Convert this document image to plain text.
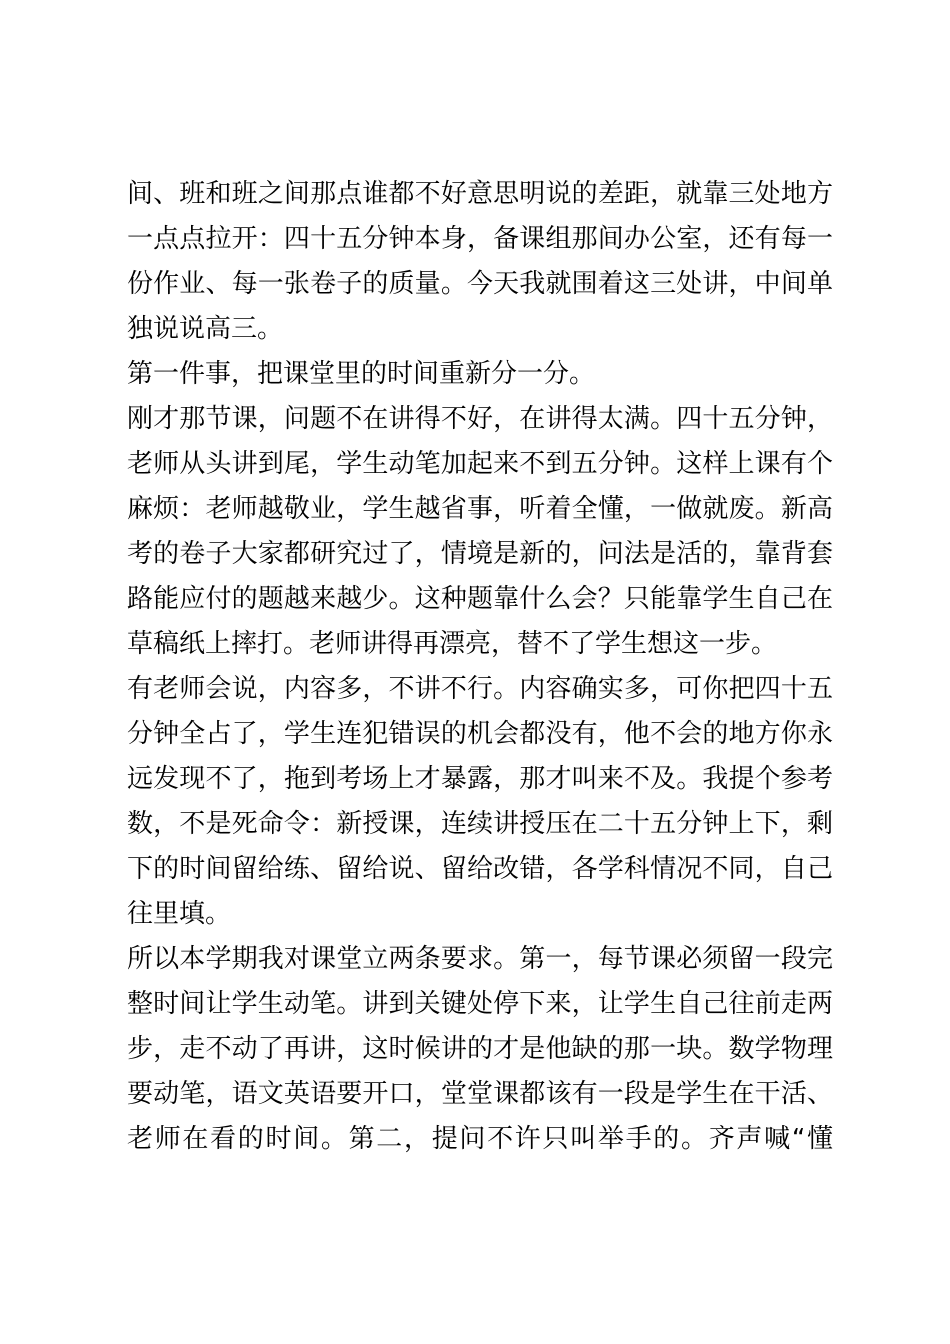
间、班和班之间那点谁都不好意思明说的差距，就靠三处地方
一点点拉开：四十五分钟本身，备课组那间办公室，还有每一
份作业、每一张卷子的质量。今天我就围着这三处讲，中间单
独说说高三。
第一件事，把课堂里的时间重新分一分。
刚才那节课，问题不在讲得不好，在讲得太满。四十五分钟，
老师从头讲到尾，学生动笔加起来不到五分钟。这样上课有个
麻烦：老师越敬业，学生越省事，听着全懂，一做就废。新高
考的卷子大家都研究过了，情境是新的，问法是活的，靠背套
路能应付的题越来越少。这种题靠什么会？只能靠学生自己在
草稿纸上摔打。老师讲得再漂亮，替不了学生想这一步。
有老师会说，内容多，不讲不行。内容确实多，可你把四十五
分钟全占了，学生连犯错误的机会都没有，他不会的地方你永
远发现不了，拖到考场上才暴露，那才叫来不及。我提个参考
数，不是死命令：新授课，连续讲授压在二十五分钟上下，剩
下的时间留给练、留给说、留给改错，各学科情况不同，自己
往里填。
所以本学期我对课堂立两条要求。第一，每节课必须留一段完
整时间让学生动笔。讲到关键处停下来，让学生自己往前走两
步，走不动了再讲，这时候讲的才是他缺的那一块。数学物理
要动笔，语文英语要开口，堂堂课都该有一段是学生在干活、
老师在看的时间。第二，提问不许只叫举手的。齐声喊“懂
